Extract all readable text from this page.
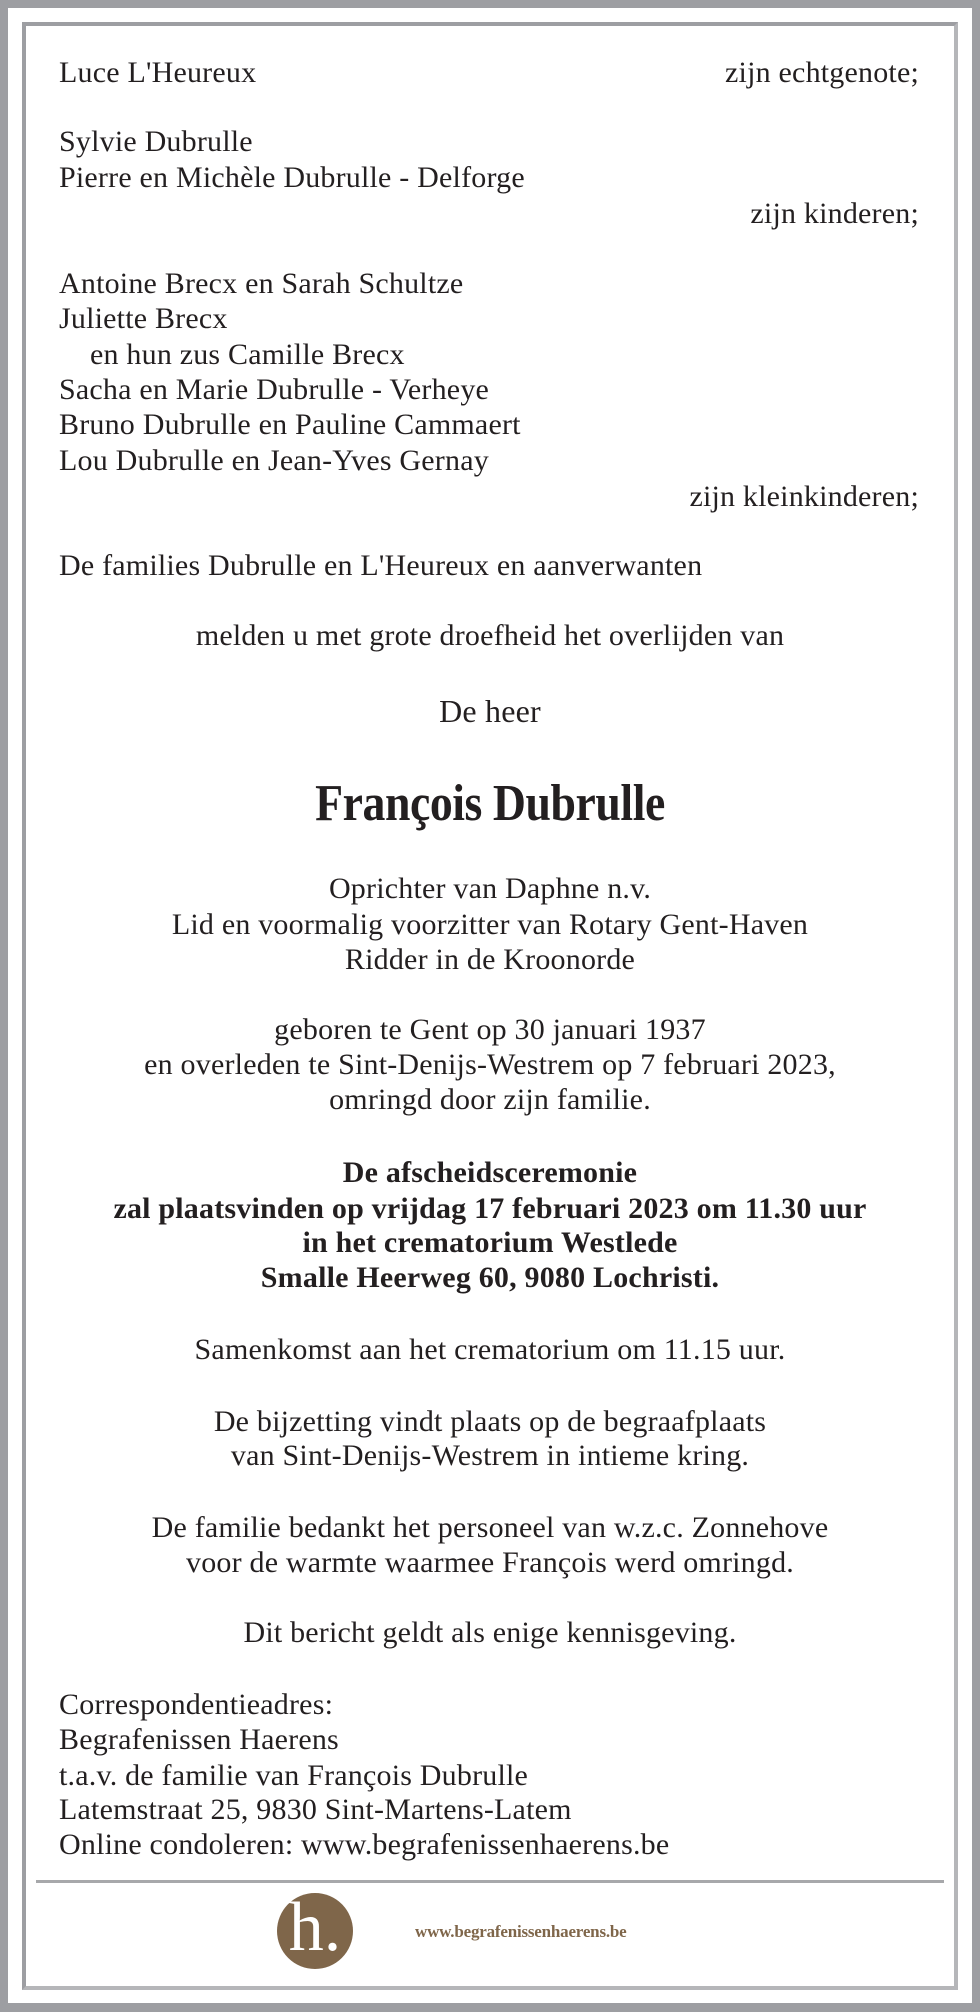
Luce L'Heureux	zijn echtgenote;
Sylvie Dubrulle
Pierre en Michèle Dubrulle - Delforge
zijn kinderen;
Antoine Brecx en Sarah Schultze
Juliette Brecx
en hun zus Camille Brecx
Sacha en Marie Dubrulle - Verheye
Bruno Dubrulle en Pauline Cammaert
Lou Dubrulle en Jean-Yves Gernay
zijn kleinkinderen;
De families Dubrulle en L'Heureux en aanverwanten
melden u met grote droefheid het overlijden van
De heer
François Dubrulle
Oprichter van Daphne n.v.
Lid en voormalig voorzitter van Rotary Gent-Haven
Ridder in de Kroonorde
geboren te Gent op 30 januari 1937
en overleden te Sint-Denijs-Westrem op 7 februari 2023,
omringd door zijn familie.
De afscheidsceremonie
zal plaatsvinden op vrijdag 17 februari 2023 om 11.30 uur
in het crematorium Westlede
Smalle Heerweg 60, 9080 Lochristi.
Samenkomst aan het crematorium om 11.15 uur.
De bijzetting vindt plaats op de begraafplaats
van Sint-Denijs-Westrem in intieme kring.
De familie bedankt het personeel van w.z.c. Zonnehove
voor de warmte waarmee François werd omringd.
Dit bericht geldt als enige kennisgeving.
Correspondentieadres:
Begrafenissen Haerens
t.a.v. de familie van François Dubrulle
Latemstraat 25, 9830 Sint-Martens-Latem
Online condoleren: www.begrafenissenhaerens.be
h.	www.begrafenissenhaerens.be
